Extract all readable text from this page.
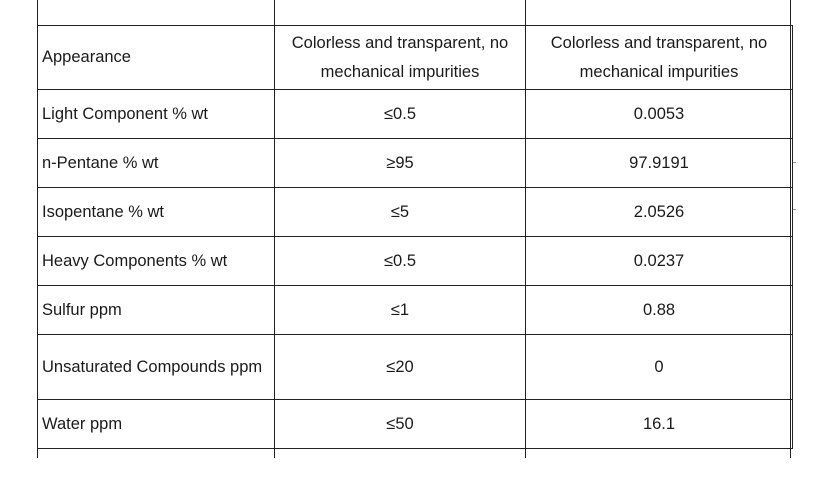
Appearance	Colorless and transparent, no mechanical impurities	Colorless and transparent, no mechanical impurities
Light Component % wt	≤0.5	0.0053
n-Pentane % wt	≥95	97.9191
Isopentane % wt	≤5	2.0526
Heavy Components % wt	≤0.5	0.0237
Sulfur ppm	≤1	0.88
Unsaturated Compounds ppm	≤20	0
Water ppm	≤50	16.1
